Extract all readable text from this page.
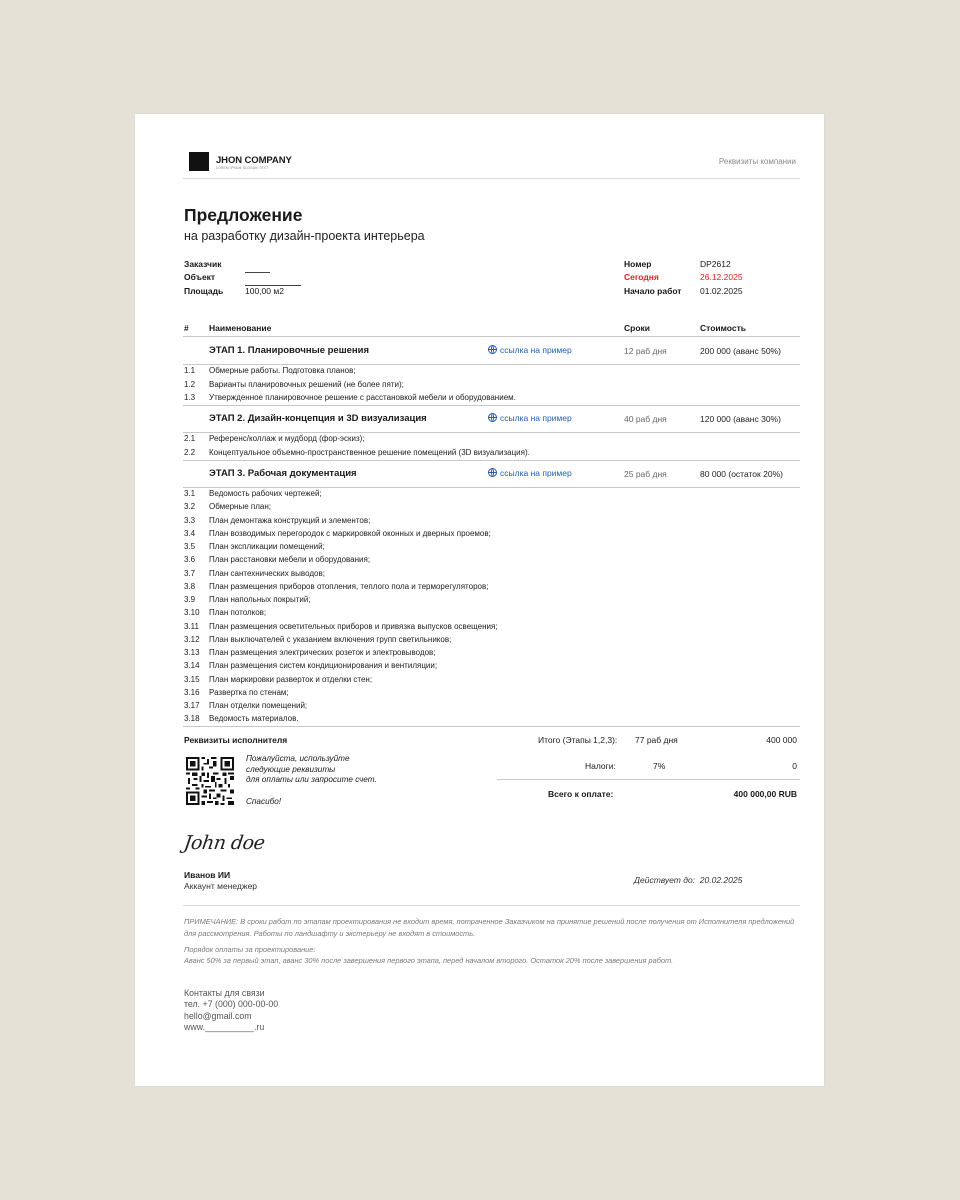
JHON COMPANY
LOREM IPSUM SLOGAN TEXT
Реквизиты компании
Предложение
на разработку дизайн-проекта интерьера
Заказчик
Объект
Площадь	100,00 м2
Номер	DP2612
Сегодня	26.12.2025
Начало работ 01.02.2025
# Наименование	Сроки	Стоимость
ЭТАП 1. Планировочные решения	ссылка на пример	12 раб дня	200 000 (аванс 50%)
1.1 Обмерные работы. Подготовка планов;
1.2 Варианты планировочных решений (не более пяти);
1.3 Утвержденное планировочное решение с расстановкой мебели и оборудованием.
ЭТАП 2. Дизайн-концепция и 3D визуализация	ссылка на пример	40 раб дня	120 000 (аванс 30%)
2.1 Референс/коллаж и мудборд (фор-эскиз);
2.2 Концептуальное объемно-пространственное решение помещений (3D визуализация).
ЭТАП 3. Рабочая документация	ссылка на пример	25 раб дня	80 000 (остаток 20%)
3.1 Ведомость рабочих чертежей;
3.2 Обмерные план;
3.3 План демонтажа конструкций и элементов;
3.4 План возводимых перегородок с маркировкой оконных и дверных проемов;
3.5 План экспликации помещений;
3.6 План расстановки мебели и оборудования;
3.7 План сантехнических выводов;
3.8 План размещения приборов отопления, теплого пола и терморегуляторов;
3.9 План напольных покрытий;
3.10 План потолков;
3.11 План размещения осветительных приборов и привязка выпусков освещения;
3.12 План выключателей с указанием включения групп светильников;
3.13 План размещения электрических розеток и электровыводов;
3.14 План размещения систем кондиционирования и вентиляции;
3.15 План маркировки разверток и отделки стен;
3.16 Развертка по стенам;
3.17 План отделки помещений;
3.18 Ведомость материалов.
Реквизиты исполнителя
Пожалуйста, используйте
следующие реквизиты
для оплаты или запросите счет.
Спасибо!
Итого (Этапы 1,2,3): 77 раб дня	400 000
Налоги:	7%	0
Всего к оплате:	400 000,00 RUB
John doe
Иванов ИИ
Аккаунт менеджер
Действует до: 20.02.2025
ПРИМЕЧАНИЕ: В сроки работ по этапам проектирования не входит время, потраченное Заказчиком на принятие решений после получения от Исполнителя предложений для рассмотрения. Работы по ландшафту и экстерьеру не входят в стоимость.
Порядок оплаты за проектирование:
Аванс 50% за первый этап, аванс 30% после завершения первого этапа, перед началом второго. Остаток 20% после завершения работ.
Контакты для связи
тел. +7 (000) 000-00-00
hello@gmail.com
www.__________.ru
